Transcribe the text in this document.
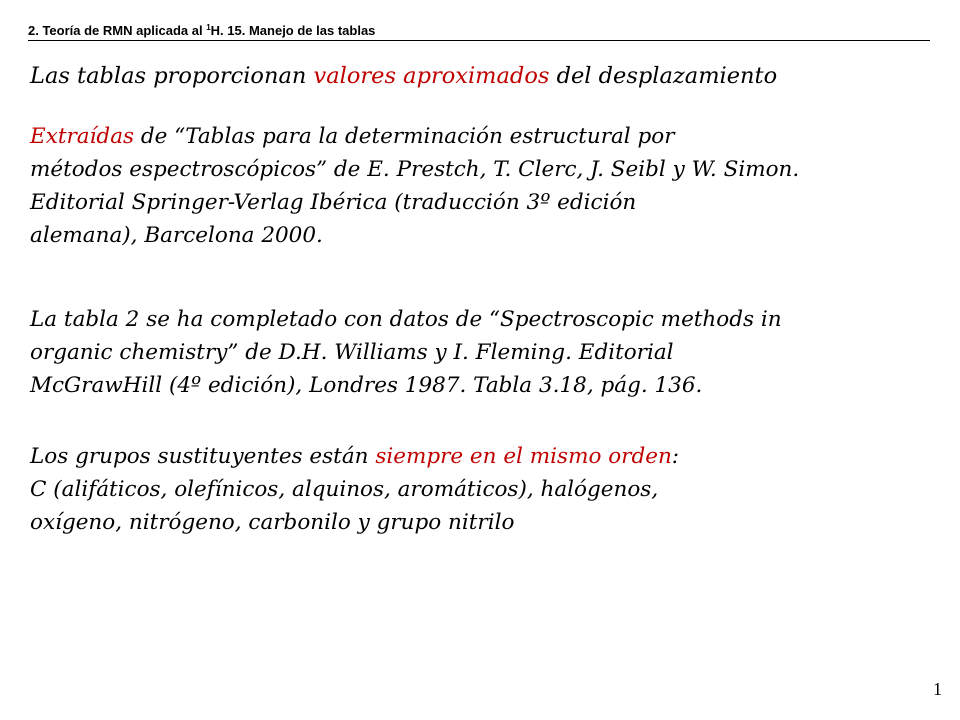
2. Teoría de RMN aplicada al $^1$H. 15. Manejo de las tablas
Las tablas proporcionan valores aproximados del desplazamiento
Extraídas de “Tablas para la determinación estructural por
métodos espectroscópicos” de E. Prestch, T. Clerc, J. Seibl y W. Simon.
Editorial Springer-Verlag Ibérica (traducción 3º edición
alemana), Barcelona 2000.
La tabla 2 se ha completado con datos de “Spectroscopic methods in
organic chemistry” de D.H. Williams y I. Fleming. Editorial
McGrawHill (4º edición), Londres 1987. Tabla 3.18, pág. 136.
Los grupos sustituyentes están siempre en el mismo orden:
C (alifáticos, olefínicos, alquinos, aromáticos), halógenos,
oxígeno, nitrógeno, carbonilo y grupo nitrilo
1
